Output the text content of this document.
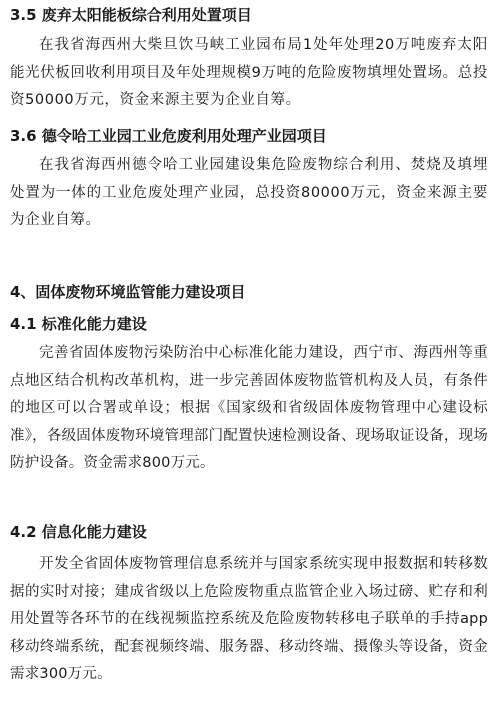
3.5 废弃太阳能板综合利用处置项目
在我省海西州大柴旦饮马峡工业园布局1处年处理20万吨废弃太阳能光伏板回收利用项目及年处理规模9万吨的危险废物填埋处置场。总投资50000万元，资金来源主要为企业自筹。
3.6 德令哈工业园工业危废利用处理产业园项目
在我省海西州德令哈工业园建设集危险废物综合利用、焚烧及填埋处置为一体的工业危废处理产业园，总投资80000万元，资金来源主要为企业自筹。
4、固体废物环境监管能力建设项目
4.1 标准化能力建设
完善省固体废物污染防治中心标准化能力建设，西宁市、海西州等重点地区结合机构改革机构，进一步完善固体废物监管机构及人员，有条件的地区可以合署或单设；根据《国家级和省级固体废物管理中心建设标准》，各级固体废物环境管理部门配置快速检测设备、现场取证设备，现场防护设备。资金需求800万元。
4.2 信息化能力建设
开发全省固体废物管理信息系统并与国家系统实现申报数据和转移数据的实时对接；建成省级以上危险废物重点监管企业入场过磅、贮存和利用处置等各环节的在线视频监控系统及危险废物转移电子联单的手持app移动终端系统，配套视频终端、服务器、移动终端、摄像头等设备，资金需求300万元。
